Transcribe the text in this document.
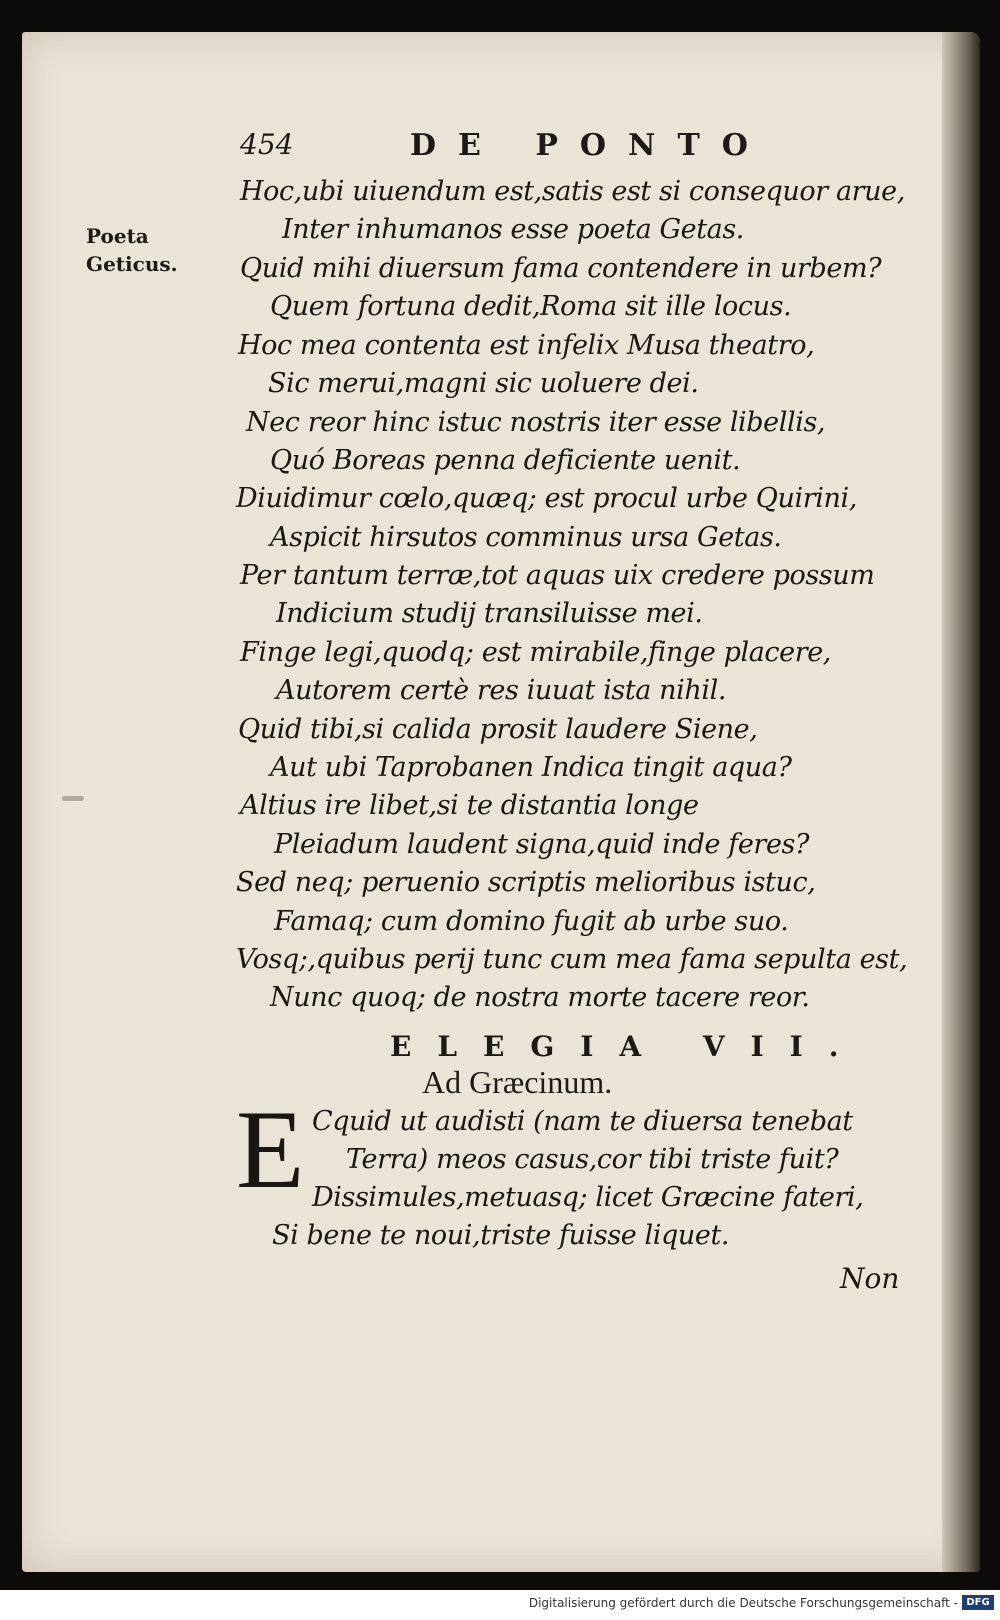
454	DE PONTO
Poeta Geticus.
Hoc,ubi uiuendum est,satis est si consequor arue,
Inter inhumanos esse poeta Getas.
Quid mihi diuersum fama contendere in urbem?
Quem fortuna dedit,Roma sit ille locus.
Hoc mea contenta est infelix Musa theatro,
Sic merui,magni sic uoluere dei.
Nec reor hinc istuc nostris iter esse libellis,
Quó Boreas penna deficiente uenit.
Diuidimur cœlo,quæq; est procul urbe Quirini,
Aspicit hirsutos comminus ursa Getas.
Per tantum terræ,tot aquas uix credere possum
Indicium studij transiluisse mei.
Finge legi,quodq; est mirabile,finge placere,
Autorem certè res iuuat ista nihil.
Quid tibi,si calida prosit laudere Siene,
Aut ubi Taprobanen Indica tingit aqua?
Altius ire libet,si te distantia longe
Pleiadum laudent signa,quid inde feres?
Sed neq; peruenio scriptis melioribus istuc,
Famaq; cum domino fugit ab urbe suo.
Vosq;,quibus perij tunc cum mea fama sepulta est,
Nunc quoq; de nostra morte tacere reor.
ELEGIA VII.
Ad Græcinum.
E Cquid ut audisti (nam te diuersa tenebat
Terra) meos casus,cor tibi triste fuit?
Dissimules,metuasq; licet Græcine fateri,
Si bene te noui,triste fuisse liquet.
Non
Digitalisierung gefördert durch die Deutsche Forschungsgemeinschaft - DFG
